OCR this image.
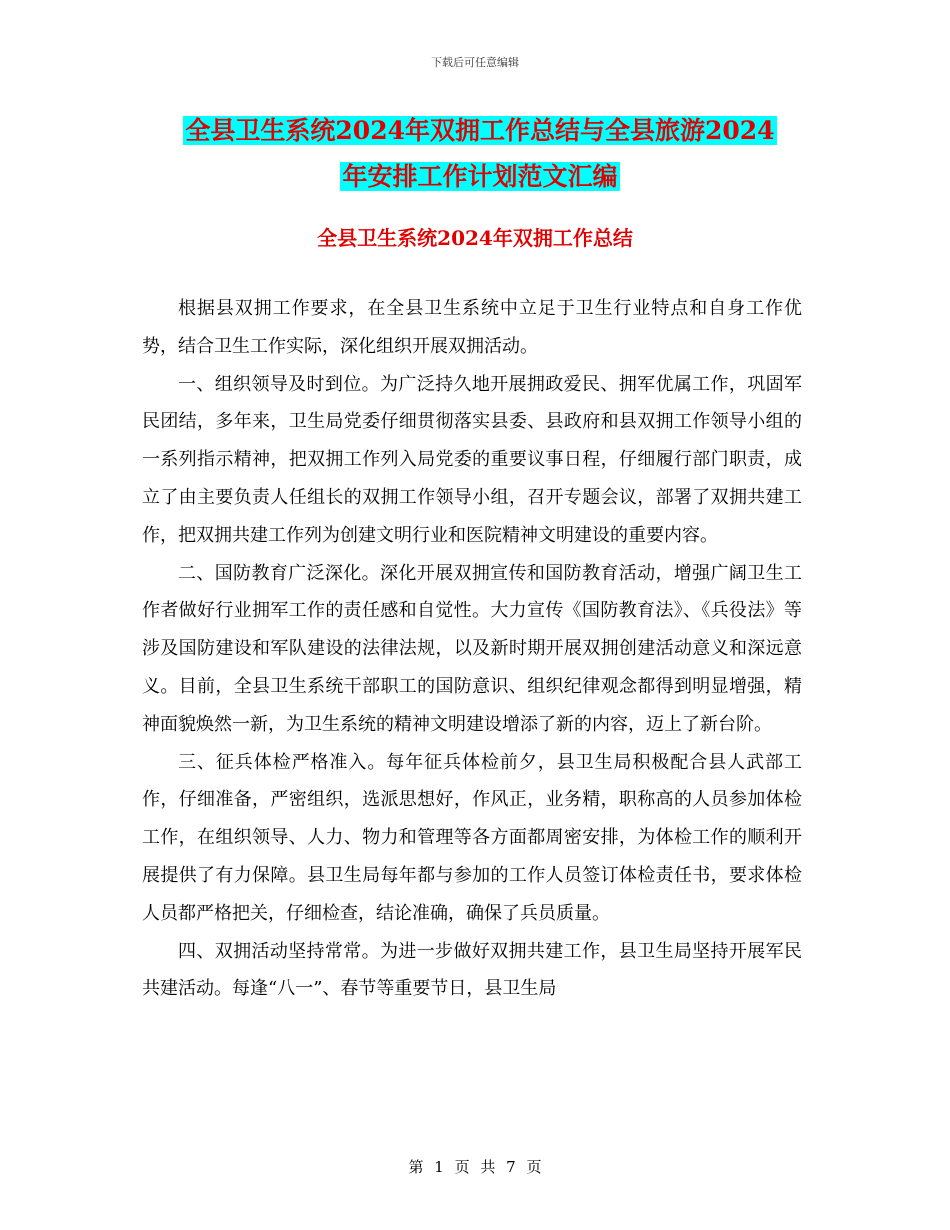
下载后可任意编辑
全县卫生系统2024年双拥工作总结与全县旅游2024
年安排工作计划范文汇编
全县卫生系统2024年双拥工作总结

根据县双拥工作要求，在全县卫生系统中立足于卫生行业特点和自身工作优势，结合卫生工作实际，深化组织开展双拥活动。

一、组织领导及时到位。为广泛持久地开展拥政爱民、拥军优属工作，巩固军民团结，多年来，卫生局党委仔细贯彻落实县委、县政府和县双拥工作领导小组的一系列指示精神，把双拥工作列入局党委的重要议事日程，仔细履行部门职责，成立了由主要负责人任组长的双拥工作领导小组，召开专题会议，部署了双拥共建工作，把双拥共建工作列为创建文明行业和医院精神文明建设的重要内容。

二、国防教育广泛深化。深化开展双拥宣传和国防教育活动，增强广阔卫生工作者做好行业拥军工作的责任感和自觉性。大力宣传《国防教育法》、《兵役法》等涉及国防建设和军队建设的法律法规，以及新时期开展双拥创建活动意义和深远意义。目前，全县卫生系统干部职工的国防意识、组织纪律观念都得到明显增强，精神面貌焕然一新，为卫生系统的精神文明建设增添了新的内容，迈上了新台阶。

三、征兵体检严格准入。每年征兵体检前夕，县卫生局积极配合县人武部工作，仔细准备，严密组织，选派思想好，作风正，业务精，职称高的人员参加体检工作，在组织领导、人力、物力和管理等各方面都周密安排，为体检工作的顺利开展提供了有力保障。县卫生局每年都与参加的工作人员签订体检责任书，要求体检人员都严格把关，仔细检查，结论准确，确保了兵员质量。

四、双拥活动坚持常常。为进一步做好双拥共建工作，县卫生局坚持开展军民共建活动。每逢“八一”、春节等重要节日，县卫生局

第 1 页 共 7 页
